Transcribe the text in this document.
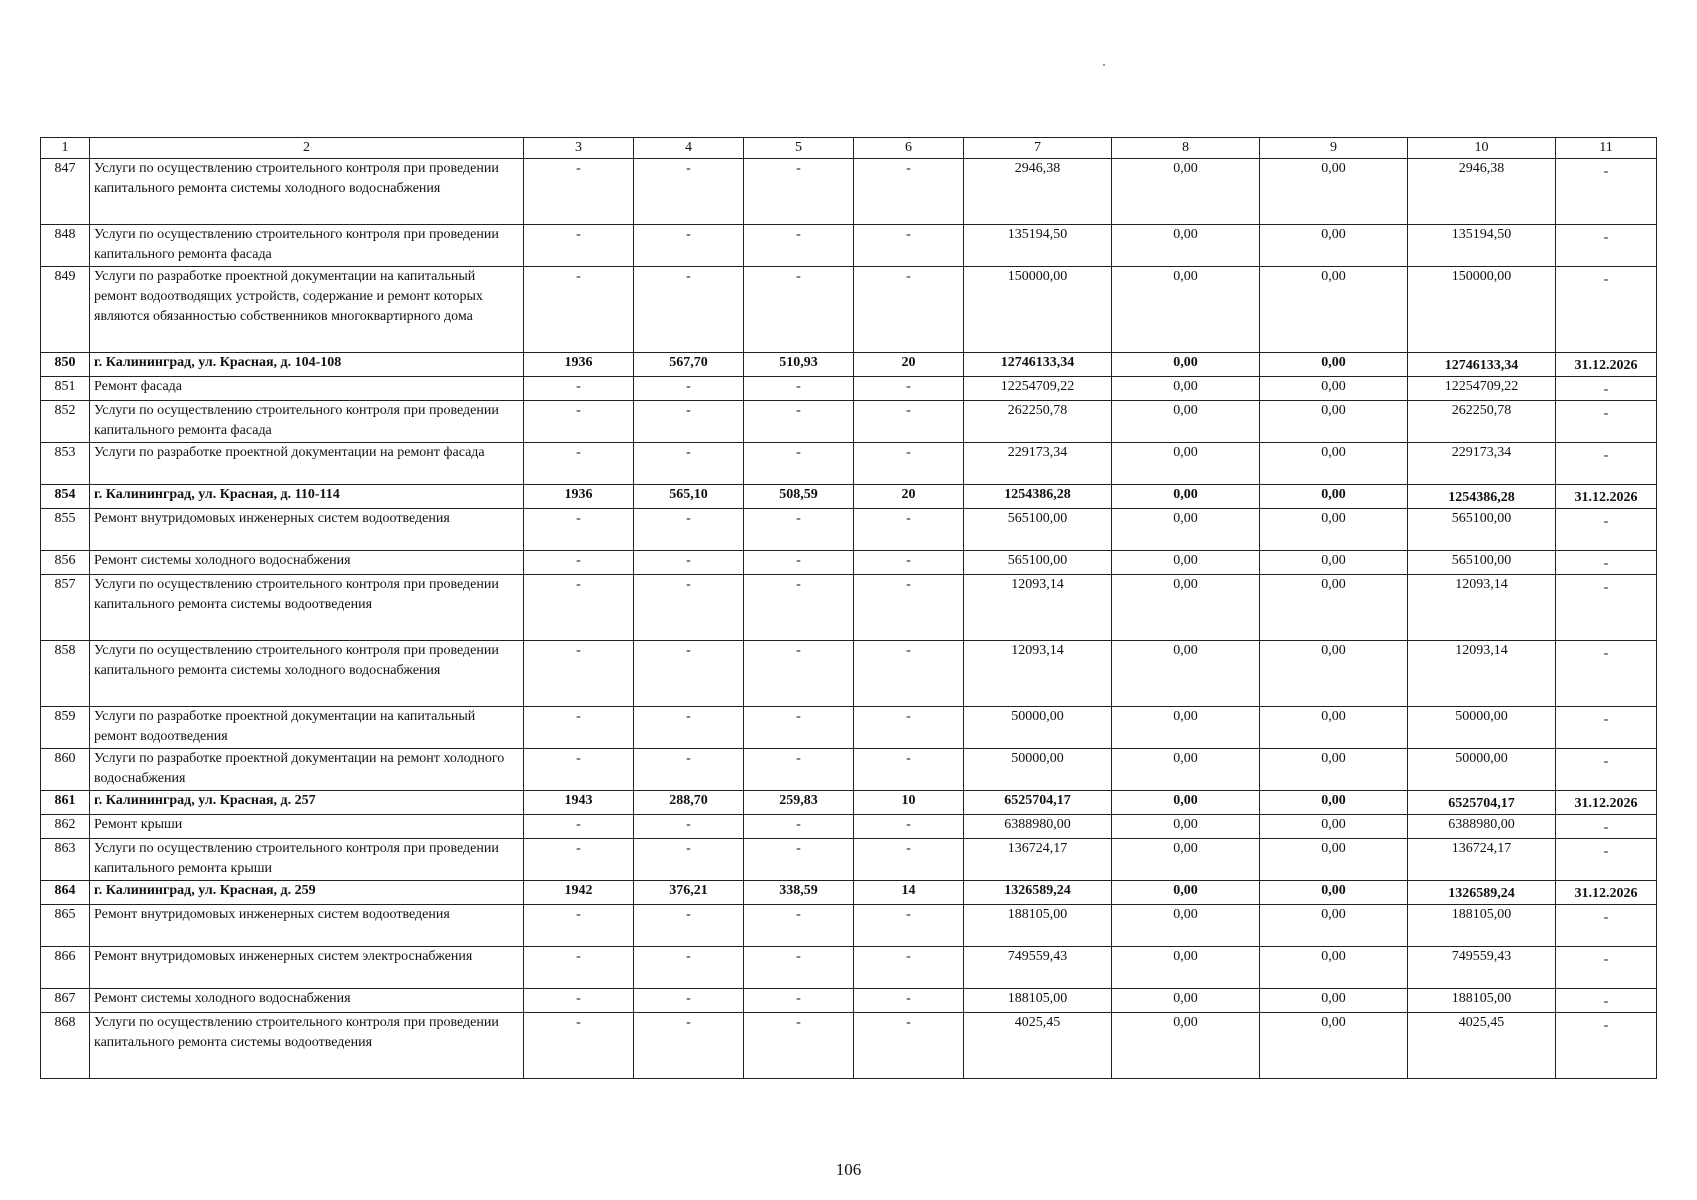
1	2	3	4	5	6	7	8	9	10	11
847	Услуги по осуществлению строительного контроля при проведении капитального ремонта системы холодного водоснабжения	-	-	-	-	2946,38	0,00	0,00	2946,38	-
848	Услуги по осуществлению строительного контроля при проведении капитального ремонта фасада	-	-	-	-	135194,50	0,00	0,00	135194,50	-
849	Услуги по разработке проектной документации на капитальный ремонт водоотводящих устройств, содержание и ремонт которых являются обязанностью собственников многоквартирного дома	-	-	-	-	150000,00	0,00	0,00	150000,00	-
850	г. Калининград, ул. Красная, д. 104-108	1936	567,70	510,93	20	12746133,34	0,00	0,00	12746133,34	31.12.2026
851	Ремонт фасада	-	-	-	-	12254709,22	0,00	0,00	12254709,22	-
852	Услуги по осуществлению строительного контроля при проведении капитального ремонта фасада	-	-	-	-	262250,78	0,00	0,00	262250,78	-
853	Услуги по разработке проектной документации на ремонт фасада	-	-	-	-	229173,34	0,00	0,00	229173,34	-
854	г. Калининград, ул. Красная, д. 110-114	1936	565,10	508,59	20	1254386,28	0,00	0,00	1254386,28	31.12.2026
855	Ремонт внутридомовых инженерных систем водоотведения	-	-	-	-	565100,00	0,00	0,00	565100,00	-
856	Ремонт системы холодного водоснабжения	-	-	-	-	565100,00	0,00	0,00	565100,00	-
857	Услуги по осуществлению строительного контроля при проведении капитального ремонта системы водоотведения	-	-	-	-	12093,14	0,00	0,00	12093,14	-
858	Услуги по осуществлению строительного контроля при проведении капитального ремонта системы холодного водоснабжения	-	-	-	-	12093,14	0,00	0,00	12093,14	-
859	Услуги по разработке проектной документации на капитальный ремонт водоотведения	-	-	-	-	50000,00	0,00	0,00	50000,00	-
860	Услуги по разработке проектной документации на ремонт холодного водоснабжения	-	-	-	-	50000,00	0,00	0,00	50000,00	-
861	г. Калининград, ул. Красная, д. 257	1943	288,70	259,83	10	6525704,17	0,00	0,00	6525704,17	31.12.2026
862	Ремонт крыши	-	-	-	-	6388980,00	0,00	0,00	6388980,00	-
863	Услуги по осуществлению строительного контроля при проведении капитального ремонта крыши	-	-	-	-	136724,17	0,00	0,00	136724,17	-
864	г. Калининград, ул. Красная, д. 259	1942	376,21	338,59	14	1326589,24	0,00	0,00	1326589,24	31.12.2026
865	Ремонт внутридомовых инженерных систем водоотведения	-	-	-	-	188105,00	0,00	0,00	188105,00	-
866	Ремонт внутридомовых инженерных систем электроснабжения	-	-	-	-	749559,43	0,00	0,00	749559,43	-
867	Ремонт системы холодного водоснабжения	-	-	-	-	188105,00	0,00	0,00	188105,00	-
868	Услуги по осуществлению строительного контроля при проведении капитального ремонта системы водоотведения	-	-	-	-	4025,45	0,00	0,00	4025,45	-
106
